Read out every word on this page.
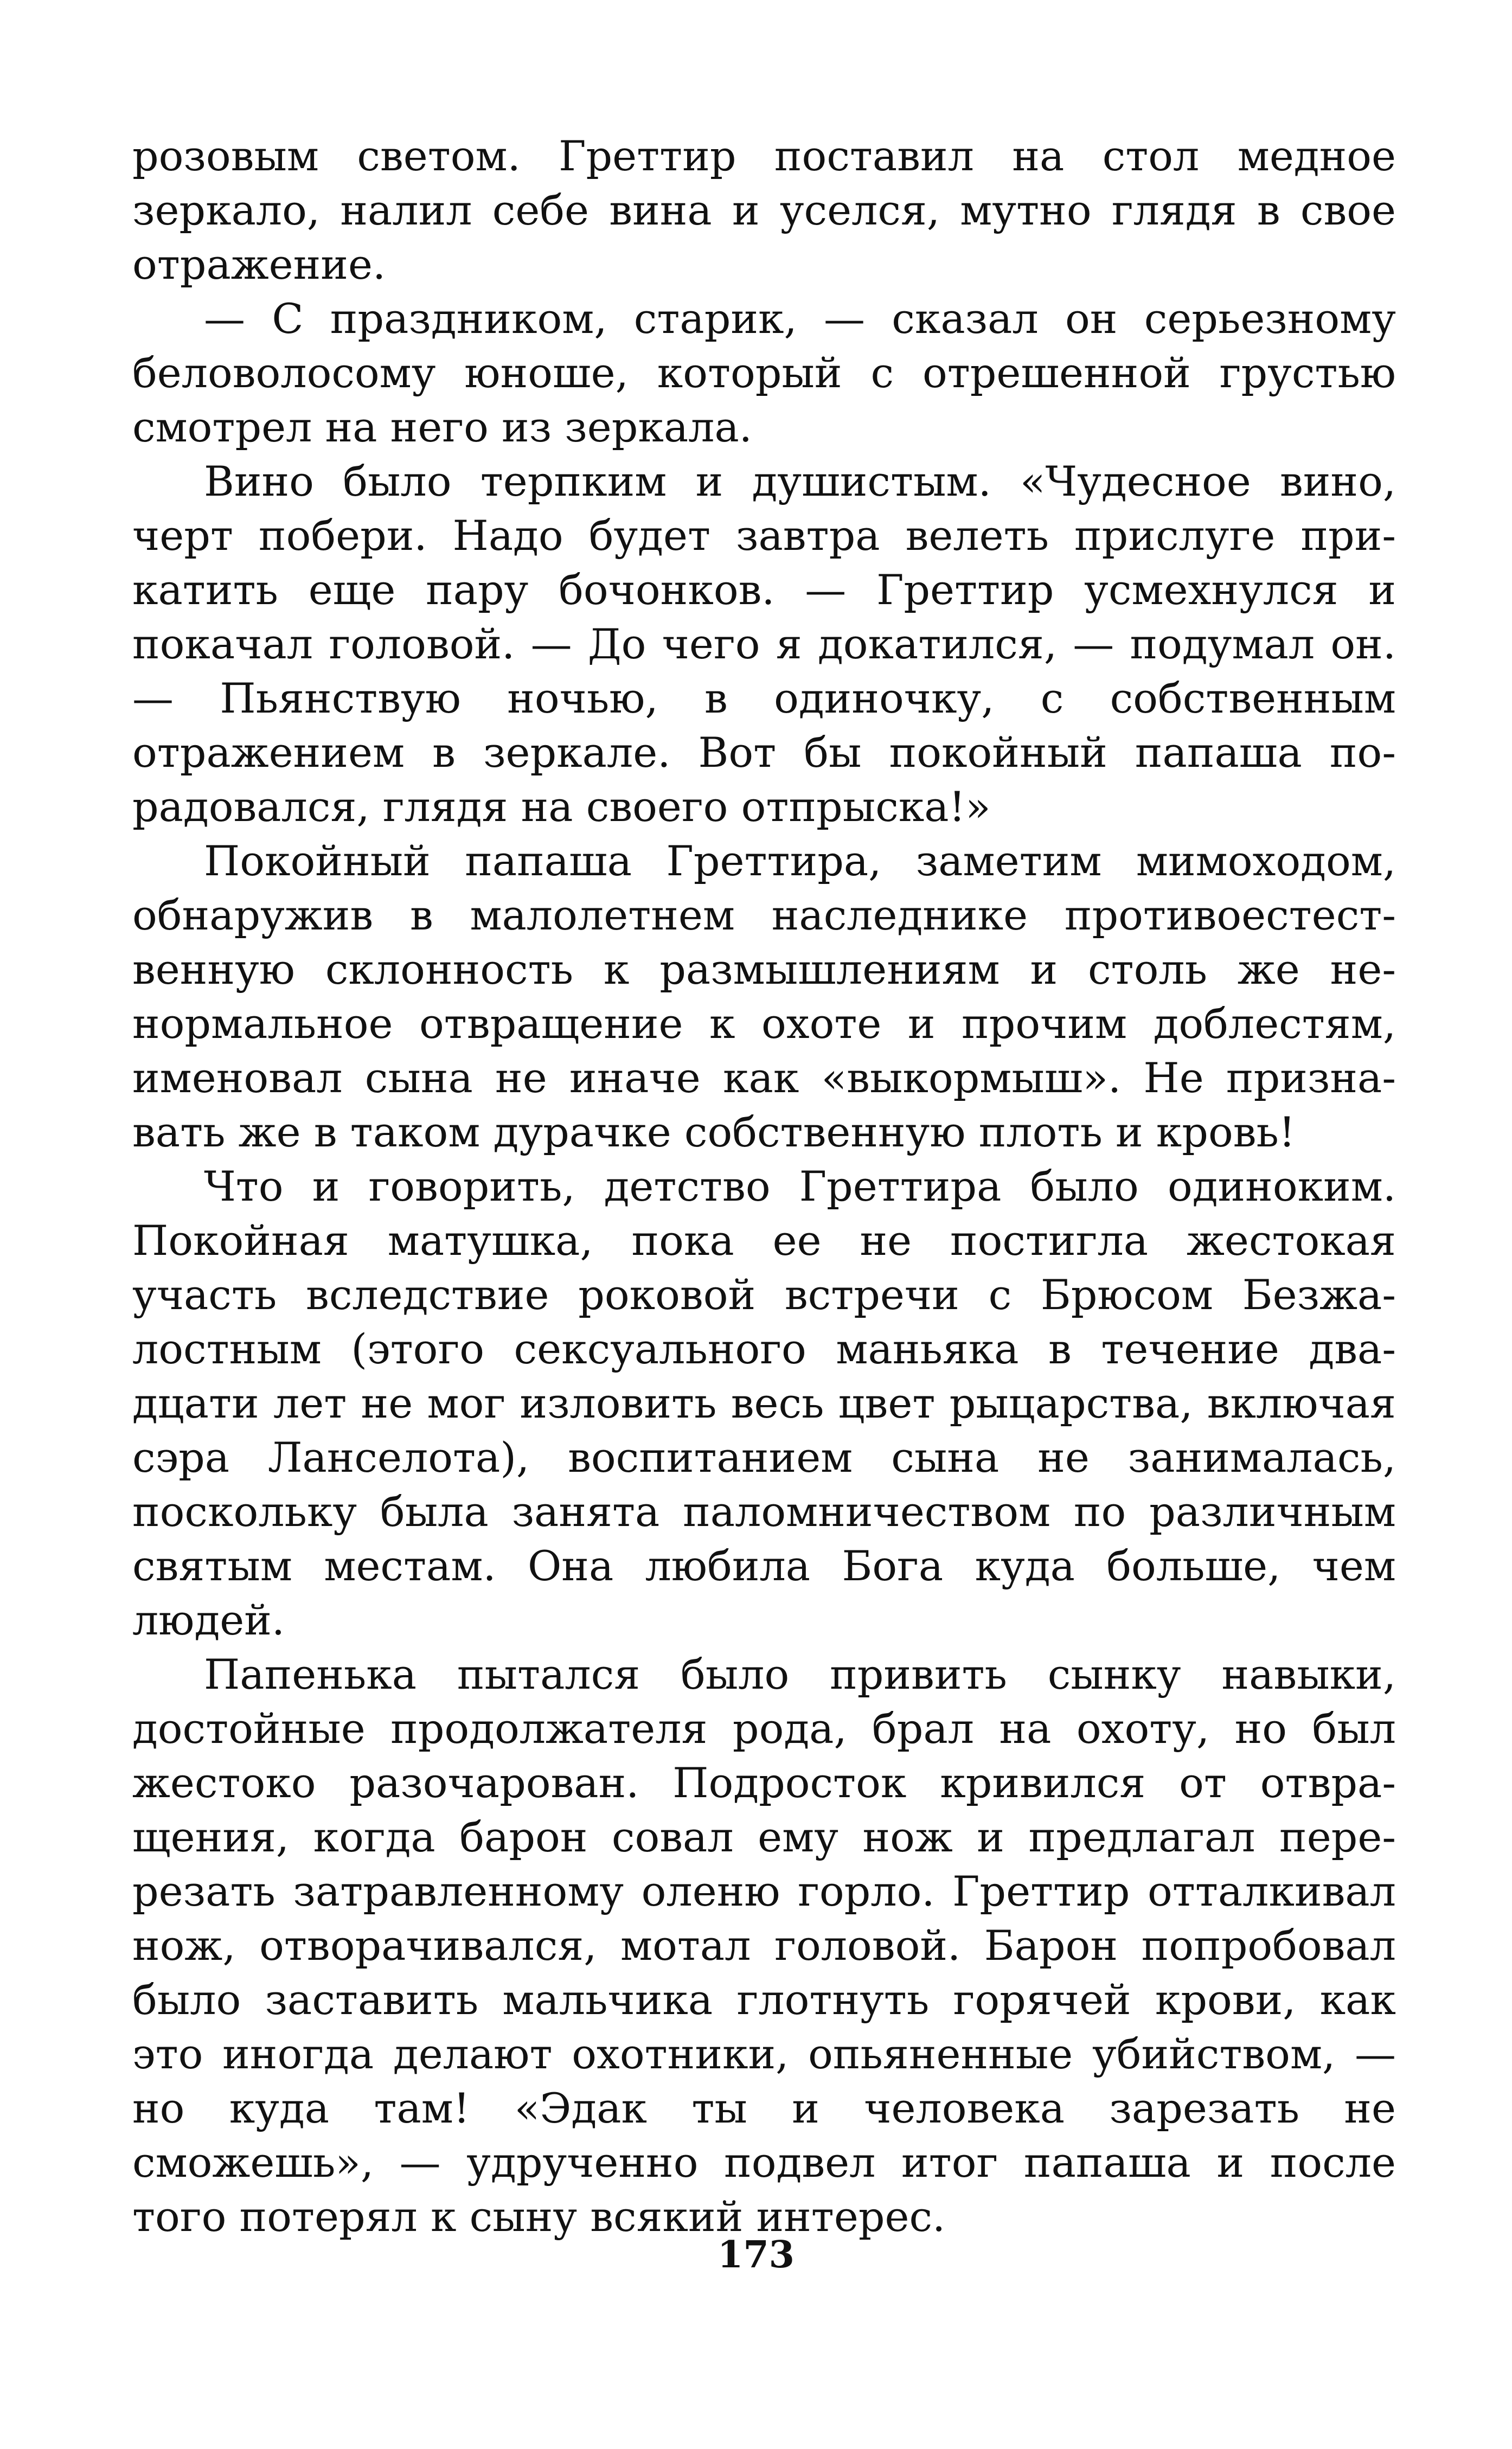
розовым светом. Греттир поставил на стол медное зеркало, налил себе вина и уселся, мутно глядя в свое отражение.

— С праздником, старик, — сказал он серьезному беловолосому юноше, который с отрешенной грустью смотрел на него из зеркала.

Вино было терпким и душистым. «Чудесное вино, черт побери. Надо будет завтра велеть прислуге прикатить еще пару бочонков. — Греттир усмехнулся и покачал головой. — До чего я докатился, — подумал он. — Пьянствую ночью, в одиночку, с собственным отражением в зеркале. Вот бы покойный папаша порадовался, глядя на своего отпрыска!»

Покойный папаша Греттира, заметим мимоходом, обнаружив в малолетнем наследнике противоестественную склонность к размышлениям и столь же ненормальное отвращение к охоте и прочим доблестям, именовал сына не иначе как «выкормыш». Не признавать же в таком дурачке собственную плоть и кровь!

Что и говорить, детство Греттира было одиноким. Покойная матушка, пока ее не постигла жестокая участь вследствие роковой встречи с Брюсом Безжалостным (этого сексуального маньяка в течение двадцати лет не мог изловить весь цвет рыцарства, включая сэра Ланселота), воспитанием сына не занималась, поскольку была занята паломничеством по различным святым местам. Она любила Бога куда больше, чем людей.

Папенька пытался было привить сынку навыки, достойные продолжателя рода, брал на охоту, но был жестоко разочарован. Подросток кривился от отвращения, когда барон совал ему нож и предлагал перерезать затравленному оленю горло. Греттир отталкивал нож, отворачивался, мотал головой. Барон попробовал было заставить мальчика глотнуть горячей крови, как это иногда делают охотники, опьяненные убийством, — но куда там! «Эдак ты и человека зарезать не сможешь», — удрученно подвел итог папаша и после того потерял к сыну всякий интерес.

173
